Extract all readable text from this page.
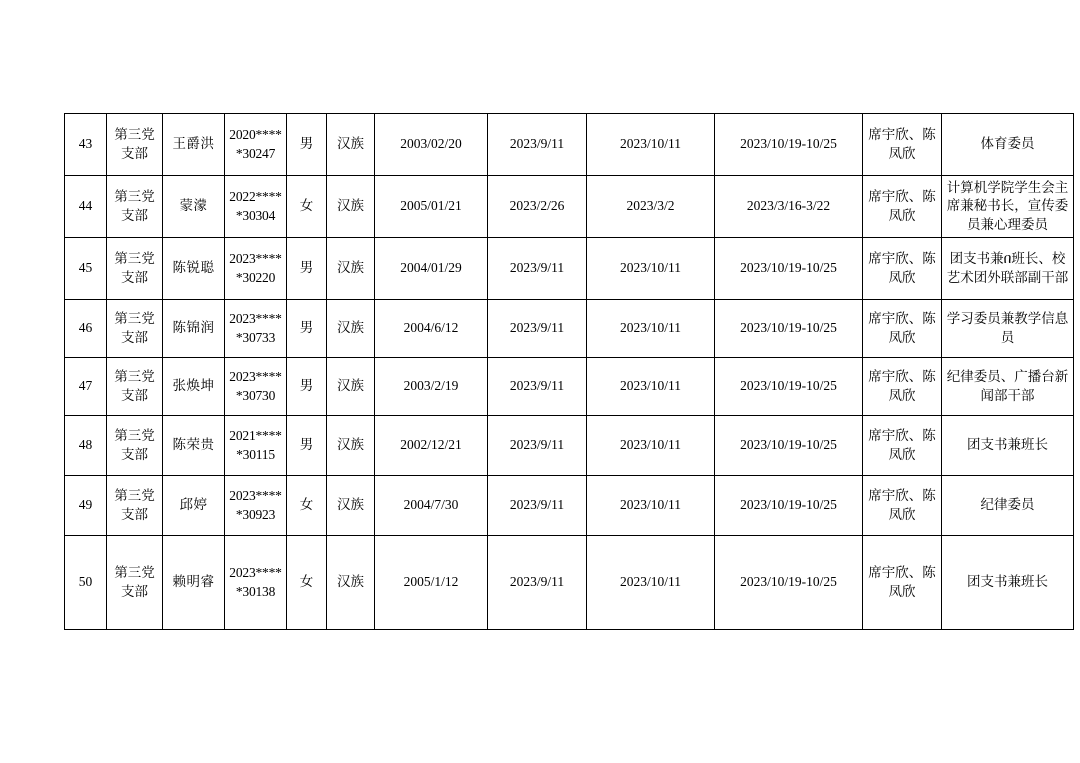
43	第三党支部	王爵洪	2020*****30247	男	汉族	2003/02/20	2023/9/11	2023/10/11	2023/10/19-10/25	席宇欣、陈凤欣	体育委员
44	第三党支部	蒙濛	2022*****30304	女	汉族	2005/01/21	2023/2/26	2023/3/2	2023/3/16-3/22	席宇欣、陈凤欣	计算机学院学生会主席兼秘书长，宣传委员兼心理委员
45	第三党支部	陈锐聪	2023*****30220	男	汉族	2004/01/29	2023/9/11	2023/10/11	2023/10/19-10/25	席宇欣、陈凤欣	团支书兼በ班长、校艺术团外联部副干部
46	第三党支部	陈锦润	2023*****30733	男	汉族	2004/6/12	2023/9/11	2023/10/11	2023/10/19-10/25	席宇欣、陈凤欣	学习委员兼教学信息员
47	第三党支部	张焕坤	2023*****30730	男	汉族	2003/2/19	2023/9/11	2023/10/11	2023/10/19-10/25	席宇欣、陈凤欣	纪律委员、广播台新闻部干部
48	第三党支部	陈荣贵	2021*****30115	男	汉族	2002/12/21	2023/9/11	2023/10/11	2023/10/19-10/25	席宇欣、陈凤欣	团支书兼班长
49	第三党支部	邱婷	2023*****30923	女	汉族	2004/7/30	2023/9/11	2023/10/11	2023/10/19-10/25	席宇欣、陈凤欣	纪律委员
50	第三党支部	赖明睿	2023*****30138	女	汉族	2005/1/12	2023/9/11	2023/10/11	2023/10/19-10/25	席宇欣、陈凤欣	团支书兼班长
